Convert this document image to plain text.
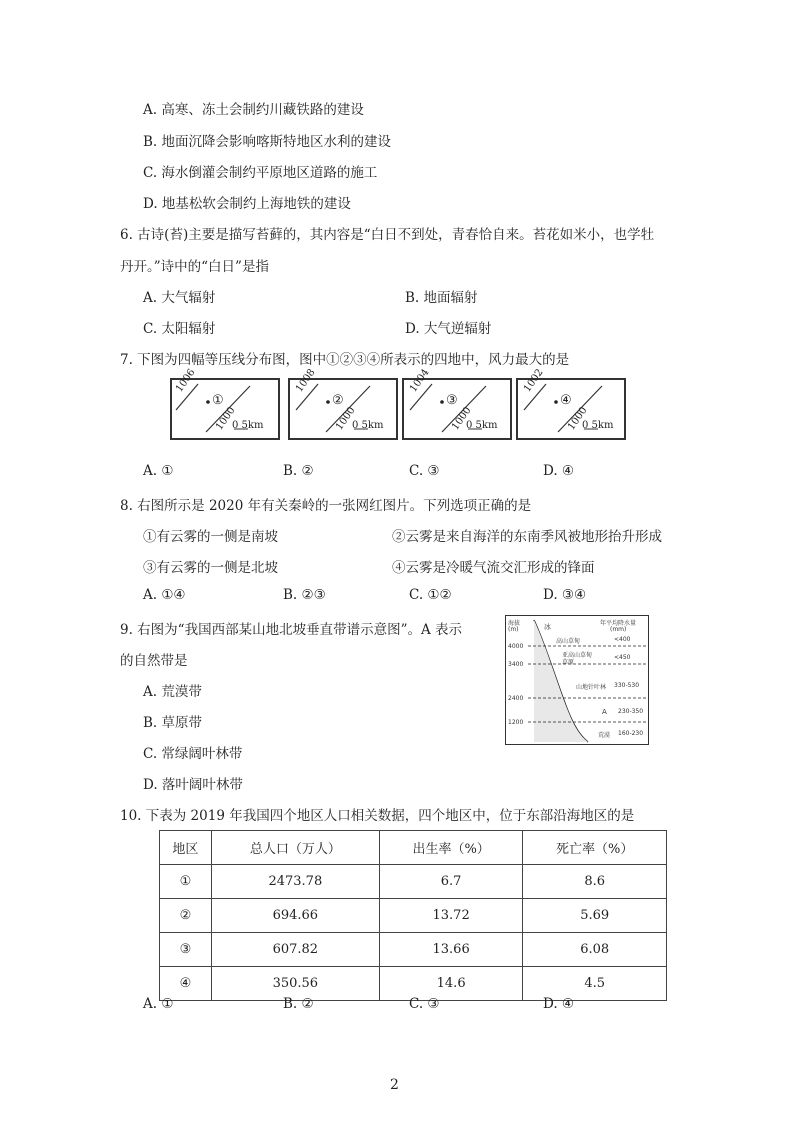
A. 高寒、冻土会制约川藏铁路的建设
B. 地面沉降会影响喀斯特地区水利的建设
C. 海水倒灌会制约平原地区道路的施工
D. 地基松软会制约上海地铁的建设
6. 古诗(苔)主要是描写苔藓的，其内容是“白日不到处，青春恰自来。苔花如米小，也学牡
丹开。”诗中的“白日”是指
A. 大气辐射	B. 地面辐射
C. 太阳辐射	D. 大气逆辐射
7. 下图为四幅等压线分布图，图中①②③④所表示的四地中，风力最大的是
1006
①
1000
0 5km
1008
②
1000
0 5km
1004
③
1000
0 5km
1002
④
1000
0 5km
A. ①	B. ②	C. ③	D. ④
8. 右图所示是 2020 年有关秦岭的一张网红图片。下列选项正确的是
①有云雾的一侧是南坡	②云雾是来自海洋的东南季风被地形抬升形成
③有云雾的一侧是北坡	④云雾是冷暖气流交汇形成的锋面
A. ①④	B. ②③	C. ①②	D. ③④
9. 右图为“我国西部某山地北坡垂直带谱示意图”。A 表示
的自然带是
A. 荒漠带
B. 草原带
C. 常绿阔叶林带
D. 落叶阔叶林带
海拔
(m)
年平均降水量
(mm)
4000
3400
2400
1200
冰
高山草甸	<400
亚高山草甸草原
<450
山地针叶林 330-530
A 230-350
荒漠 160-230
10. 下表为 2019 年我国四个地区人口相关数据，四个地区中，位于东部沿海地区的是
地区	总人口（万人）	出生率（%）	死亡率（%）
①	2473.78	6.7	8.6
②	694.66	13.72	5.69
③	607.82	13.66	6.08
④	350.56	14.6	4.5
A. ①	B. ②	C. ③	D. ④
2
